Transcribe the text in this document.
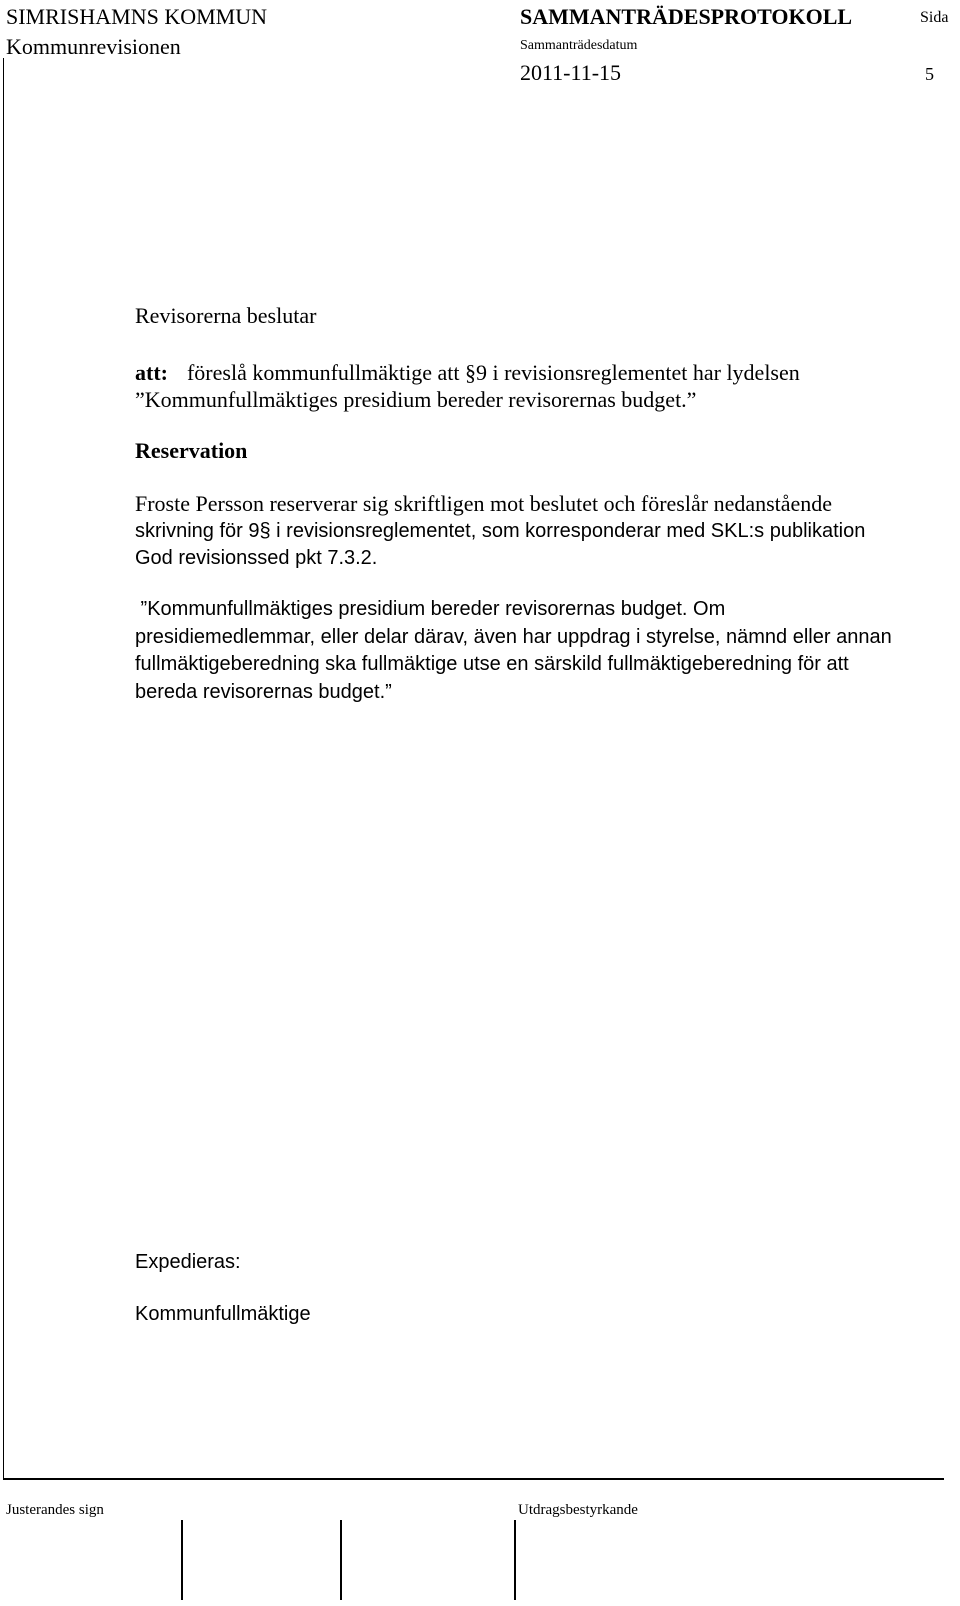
SIMRISHAMNS KOMMUN
Kommunrevisionen
SAMMANTRÄDESPROTOKOLL	Sida
Sammanträdesdatum
2011-11-15	5
Revisorerna beslutar
att: föreslå kommunfullmäktige att §9 i revisionsreglementet har lydelsen
”Kommunfullmäktiges presidium bereder revisorernas budget.”
Reservation
Froste Persson reserverar sig skriftligen mot beslutet och föreslår nedanstående
skrivning för 9§ i revisionsreglementet, som korresponderar med SKL:s publikation
God revisionssed pkt 7.3.2.
”Kommunfullmäktiges presidium bereder revisorernas budget. Om
presidiemedlemmar, eller delar därav, även har uppdrag i styrelse, nämnd eller annan
fullmäktigeberedning ska fullmäktige utse en särskild fullmäktigeberedning för att
bereda revisorernas budget.”
Expedieras:
Kommunfullmäktige
Justerandes sign	Utdragsbestyrkande
